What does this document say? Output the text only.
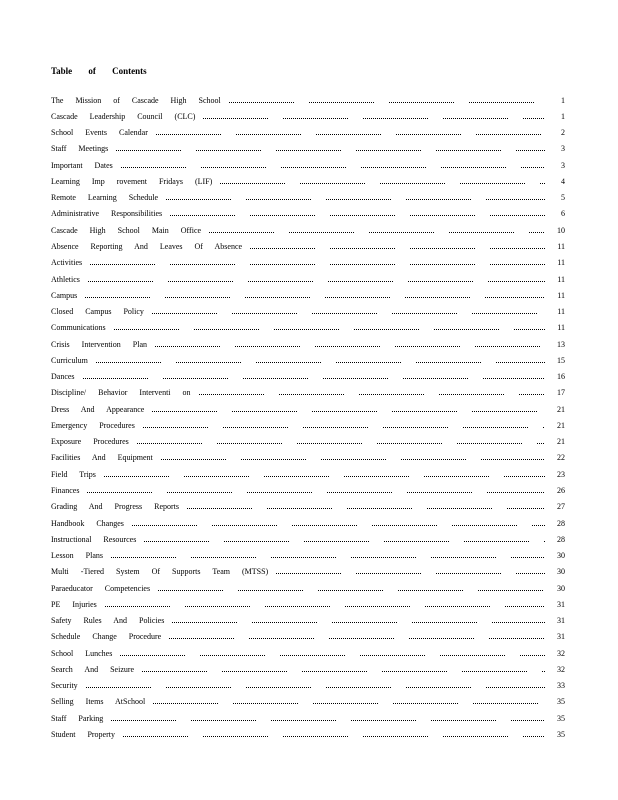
Table of Contents
The Mission of Cascade High School	1
Cascade Leadership Council (CLC)	1
School Events Calendar	2
Staff Meetings	3
Important Dates	3
Learning Imp rovement Fridays (LIF)	4
Remote Learning Schedule	5
Administrative Responsibilities	6
Cascade High School Main Office	10
Absence Reporting And Leaves Of Absence	11
Activities	11
Athletics	11
Campus	11
Closed Campus Policy	11
Communications	11
Crisis Intervention Plan	13
Curriculum	15
Dances	16
Discipline/ Behavior Interventi on	17
Dress And Appearance	21
Emergency Procedures	21
Exposure Procedures	21
Facilities And Equipment	22
Field Trips	23
Finances	26
Grading And Progress Reports	27
Handbook Changes	28
Instructional Resources	28
Lesson Plans	30
Multi -Tiered System Of Supports Team (MTSS)	30
Paraeducator Competencies	30
PE Injuries	31
Safety Rules And Policies	31
Schedule Change Procedure	31
School Lunches	32
Search And Seizure	32
Security	33
Selling Items AtSchool	35
Staff Parking	35
Student Property	35
